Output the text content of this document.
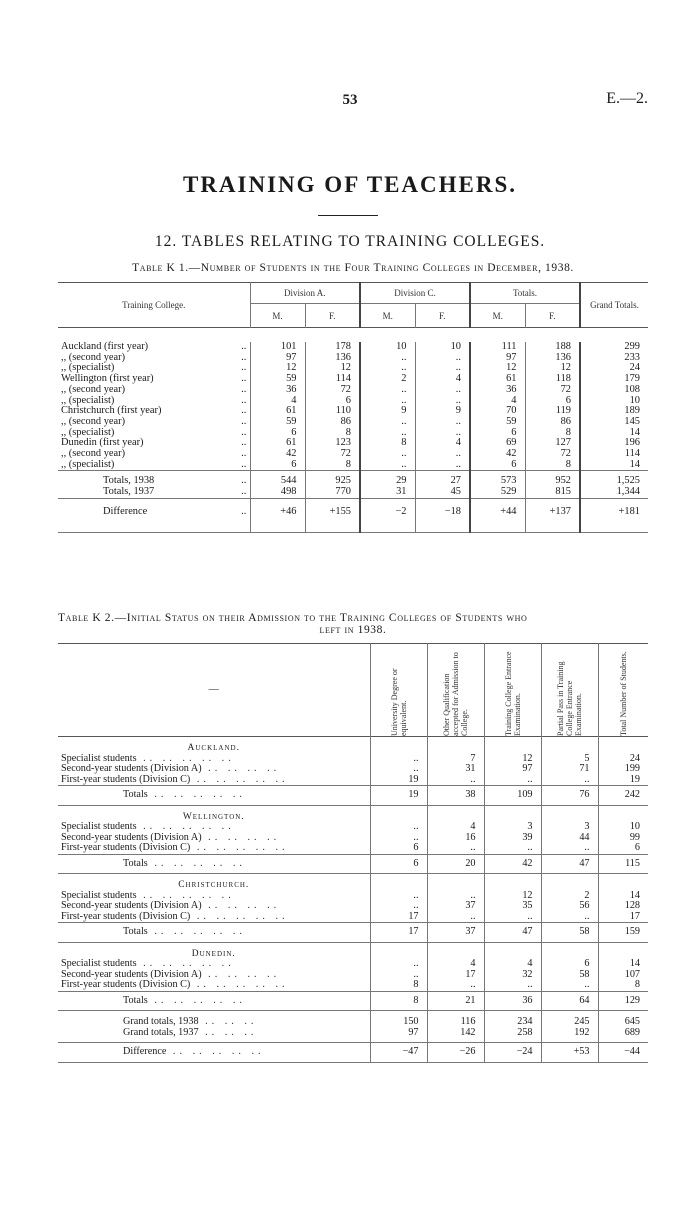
53	E.—2.
TRAINING OF TEACHERS.
12. TABLES RELATING TO TRAINING COLLEGES.
Table K 1.—Number of Students in the Four Training Colleges in December, 1938.
Training College.		Division A.		Division C.		Totals.		Grand Totals.
		M.	F.	M.	F.	M.	F.	

Auckland (first year)	..	101	178	10	10	111	188	299
,, (second year)	..	97	136	..	..	97	136	233
,, (specialist)	..	12	12	..	..	12	12	24
Wellington (first year)	..	59	114	2	4	61	118	179
,, (second year)	..	36	72	..	..	36	72	108
,, (specialist)	..	4	6	..	..	4	6	10
Christchurch (first year)	..	61	110	9	9	70	119	189
,, (second year)	..	59	86	..	..	59	86	145
,, (specialist)	..	6	8	..	..	6	8	14
Dunedin (first year)	..	61	123	8	4	69	127	196
,, (second year)	..	42	72	..	..	42	72	114
,, (specialist)	..	6	8	..	..	6	8	14
Totals, 1938	..	544	925	29	27	573	952	1,525
Totals, 1937	..	498	770	31	45	529	815	1,344
Difference	..	+46	+155	−2	−18	+44	+137	+181
Table K 2.—Initial Status on their Admission to the Training Colleges of Students who
left in 1938.
—	University Degree or equivalent.	Other Qualification accepted for Admission to College.	Training College Entrance Examination.	Partial Pass in Training College Entrance Examination.	Total Number of Students.

Auckland.					
Specialist students .. .. .. .. ..	..	7	12	5	24
Second-year students (Division A) .. .. .. ..	..	31	97	71	199
First-year students (Division C) .. .. .. .. ..	19	..	..	..	19
Totals .. .. .. .. ..	19	38	109	76	242
Wellington.					
Specialist students .. .. .. .. ..	..	4	3	3	10
Second-year students (Division A) .. .. .. ..	..	16	39	44	99
First-year students (Division C) .. .. .. .. ..	6	..	..	..	6
Totals .. .. .. .. ..	6	20	42	47	115
Christchurch.					
Specialist students .. .. .. .. ..	..	..	12	2	14
Second-year students (Division A) .. .. .. ..	..	37	35	56	128
First-year students (Division C) .. .. .. .. ..	17	..	..	..	17
Totals .. .. .. .. ..	17	37	47	58	159
Dunedin.					
Specialist students .. .. .. .. ..	..	4	4	6	14
Second-year students (Division A) .. .. .. ..	..	17	32	58	107
First-year students (Division C) .. .. .. .. ..	8	..	..	..	8
Totals .. .. .. .. ..	8	21	36	64	129
Grand totals, 1938 .. .. ..	150	116	234	245	645
Grand totals, 1937 .. .. ..	97	142	258	192	689
Difference .. .. .. .. ..	−47	−26	−24	+53	−44
